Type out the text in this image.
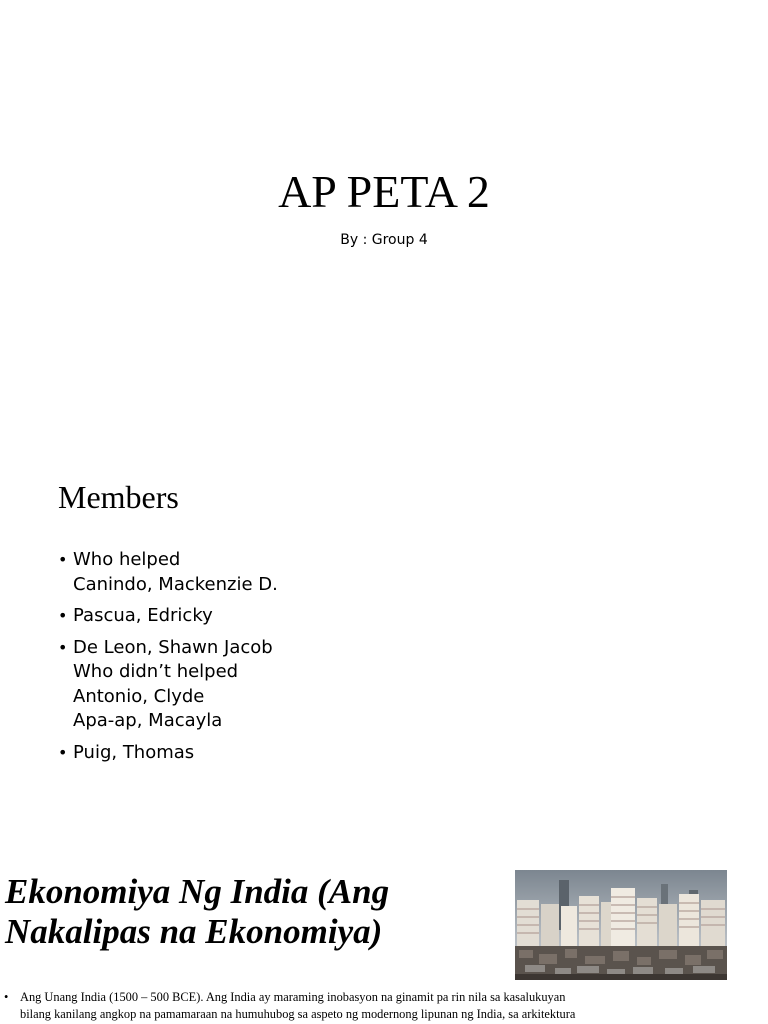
AP PETA 2
By : Group 4
Members
• Who helped
Canindo, Mackenzie D.
• Pascua, Edricky
• De Leon, Shawn Jacob
Who didn’t helped
Antonio, Clyde
Apa-ap, Macayla
• Puig, Thomas
Ekonomiya Ng India (Ang
Nakalipas na Ekonomiya)
• Ang Unang India (1500 – 500 BCE). Ang India ay maraming inobasyon na ginamit pa rin nila sa kasalukuyan
bilang kanilang angkop na pamamaraan na humuhubog sa aspeto ng modernong lipunan ng India, sa arkitektura
